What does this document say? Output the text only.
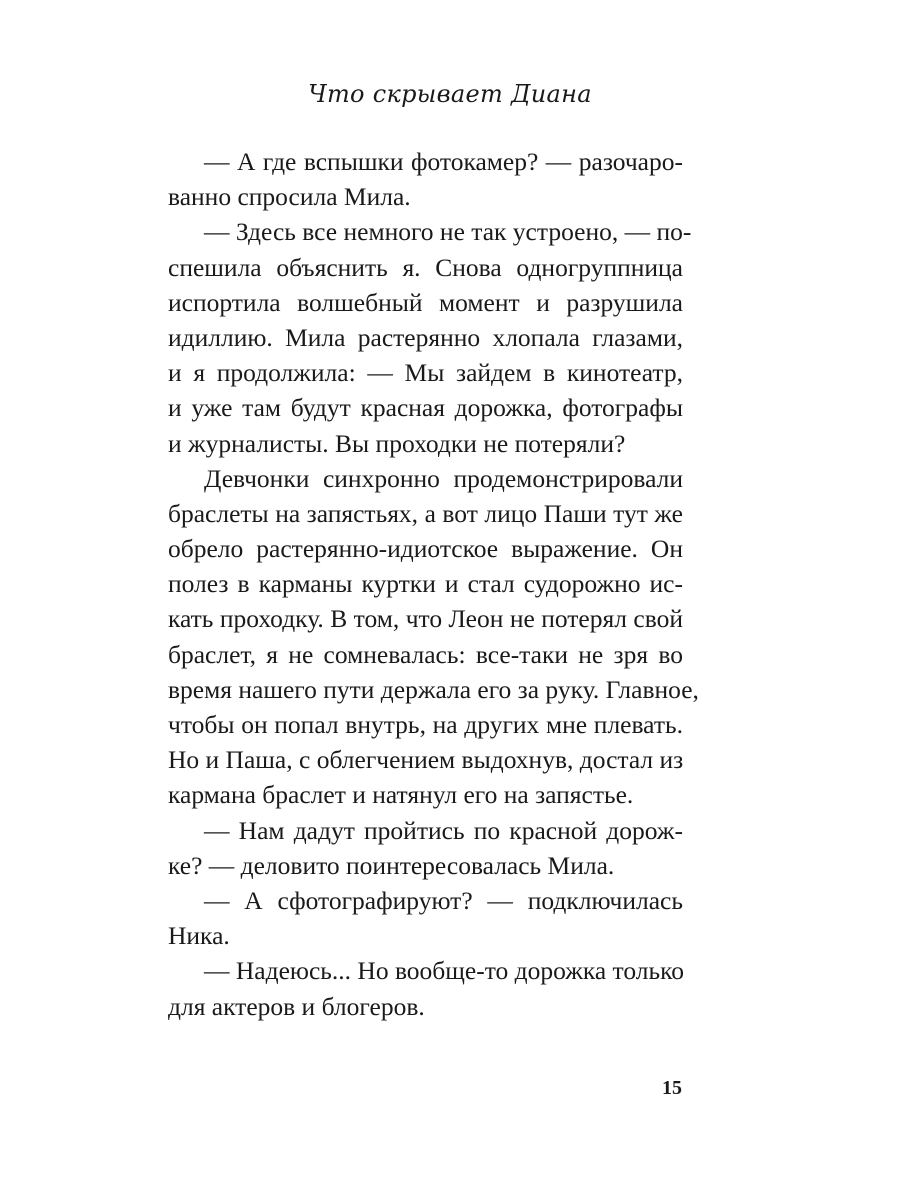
Что скрывает Диана
— А где вспышки фотокамер? — разочаро-
ванно спросила Мила.
— Здесь все немного не так устроено, — по-
спешила объяснить я. Снова одногруппница
испортила волшебный момент и разрушила
идиллию. Мила растерянно хлопала глазами,
и я продолжила: — Мы зайдем в кинотеатр,
и уже там будут красная дорожка, фотографы
и журналисты. Вы проходки не потеряли?
Девчонки синхронно продемонстрировали
браслеты на запястьях, а вот лицо Паши тут же
обрело растерянно-идиотское выражение. Он
полез в карманы куртки и стал судорожно ис-
кать проходку. В том, что Леон не потерял свой
браслет, я не сомневалась: все-таки не зря во
время нашего пути держала его за руку. Главное,
чтобы он попал внутрь, на других мне плевать.
Но и Паша, с облегчением выдохнув, достал из
кармана браслет и натянул его на запястье.
— Нам дадут пройтись по красной дорож-
ке? — деловито поинтересовалась Мила.
— А сфотографируют? — подключилась
Ника.
— Надеюсь... Но вообще-то дорожка только
для актеров и блогеров.
15
